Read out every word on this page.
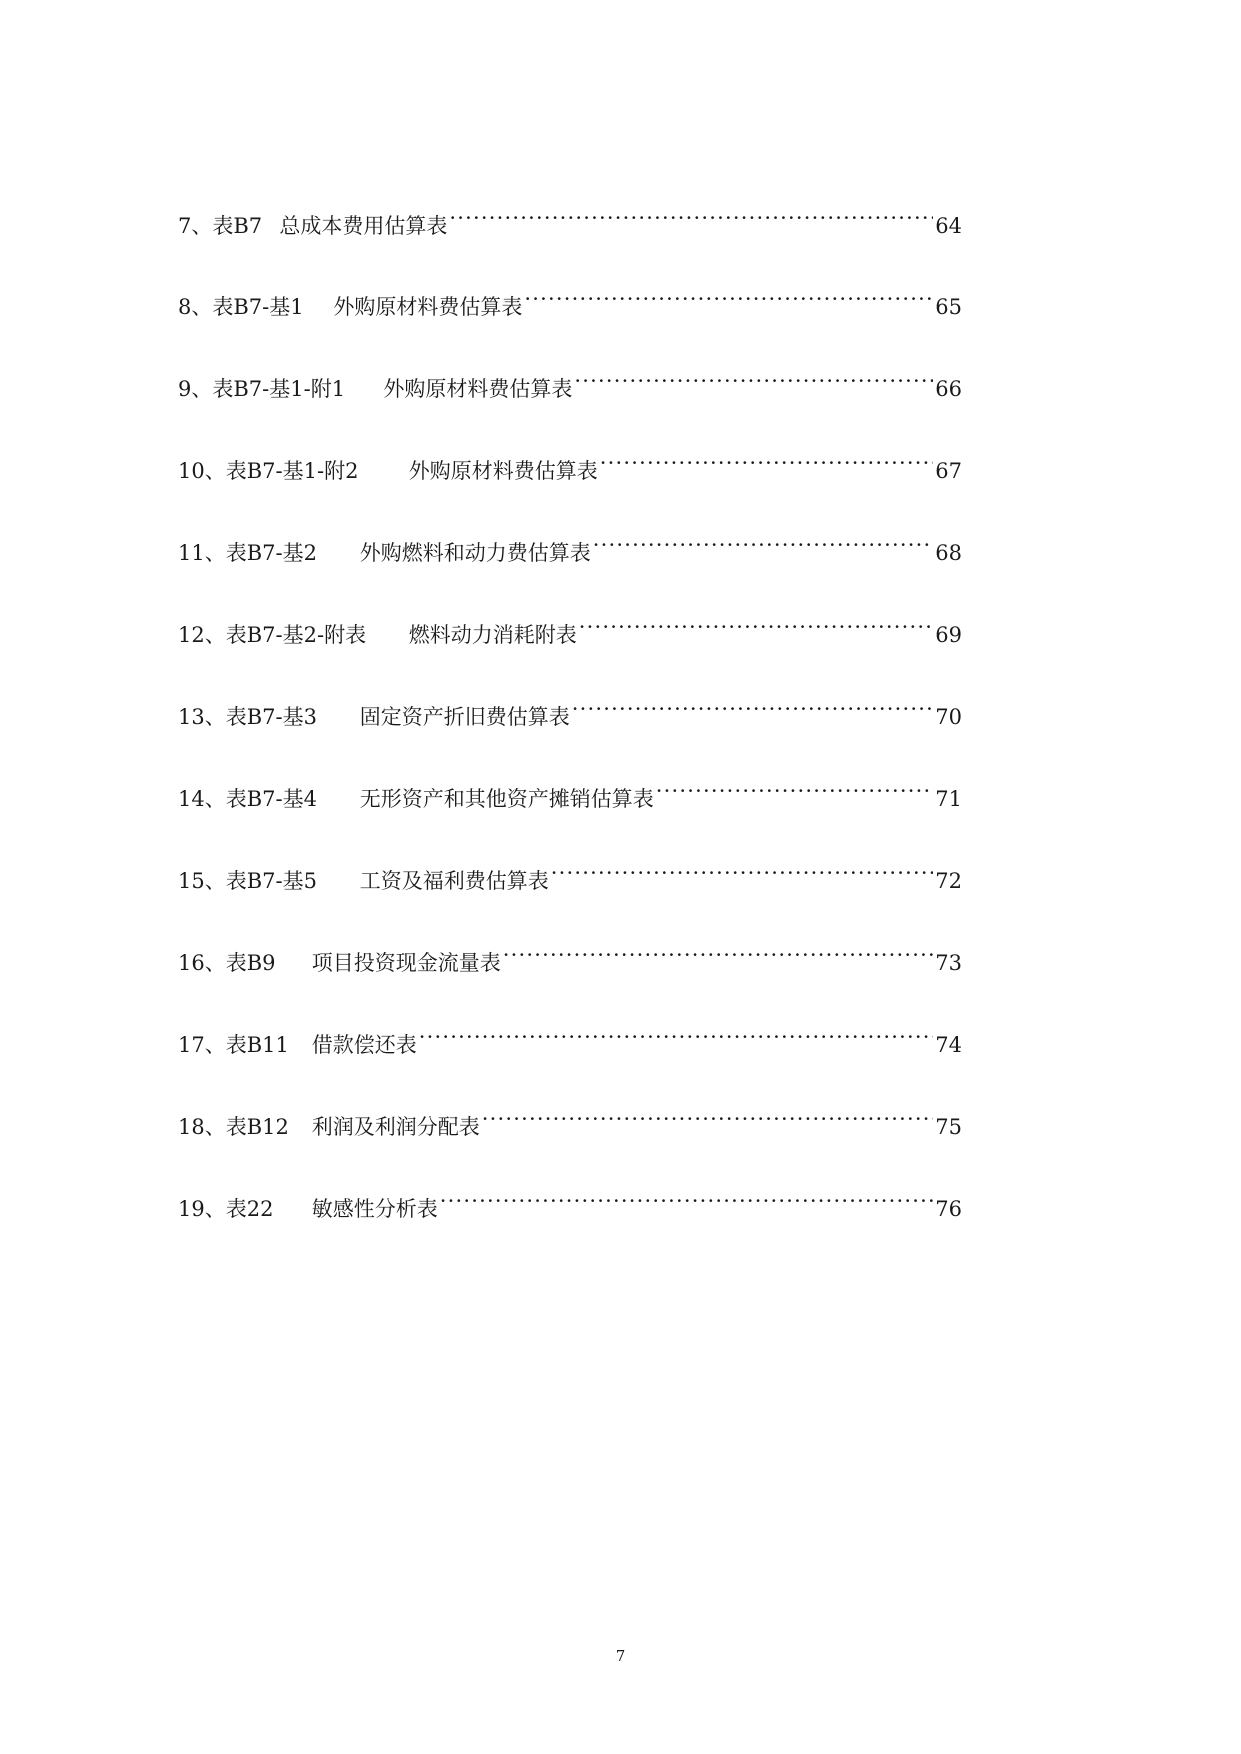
7、表B7 总成本费用估算表 ·····	64
8、表B7-基1 外购原材料费估算表 ·····	65
9、表B7-基1-附1 外购原材料费估算表 ·····	66
10、表B7-基1-附2 外购原材料费估算表 ·····	67
11、表B7-基2 外购燃料和动力费估算表 ·····	68
12、表B7-基2-附表 燃料动力消耗附表 ·····	69
13、表B7-基3 固定资产折旧费估算表 ·····	70
14、表B7-基4 无形资产和其他资产摊销估算表 ·····	71
15、表B7-基5 工资及福利费估算表 ·····	72
16、表B9 项目投资现金流量表 ·····	73
17、表B11 借款偿还表 ·····	74
18、表B12 利润及利润分配表 ·····	75
19、表22 敏感性分析表 ·····	76
7
